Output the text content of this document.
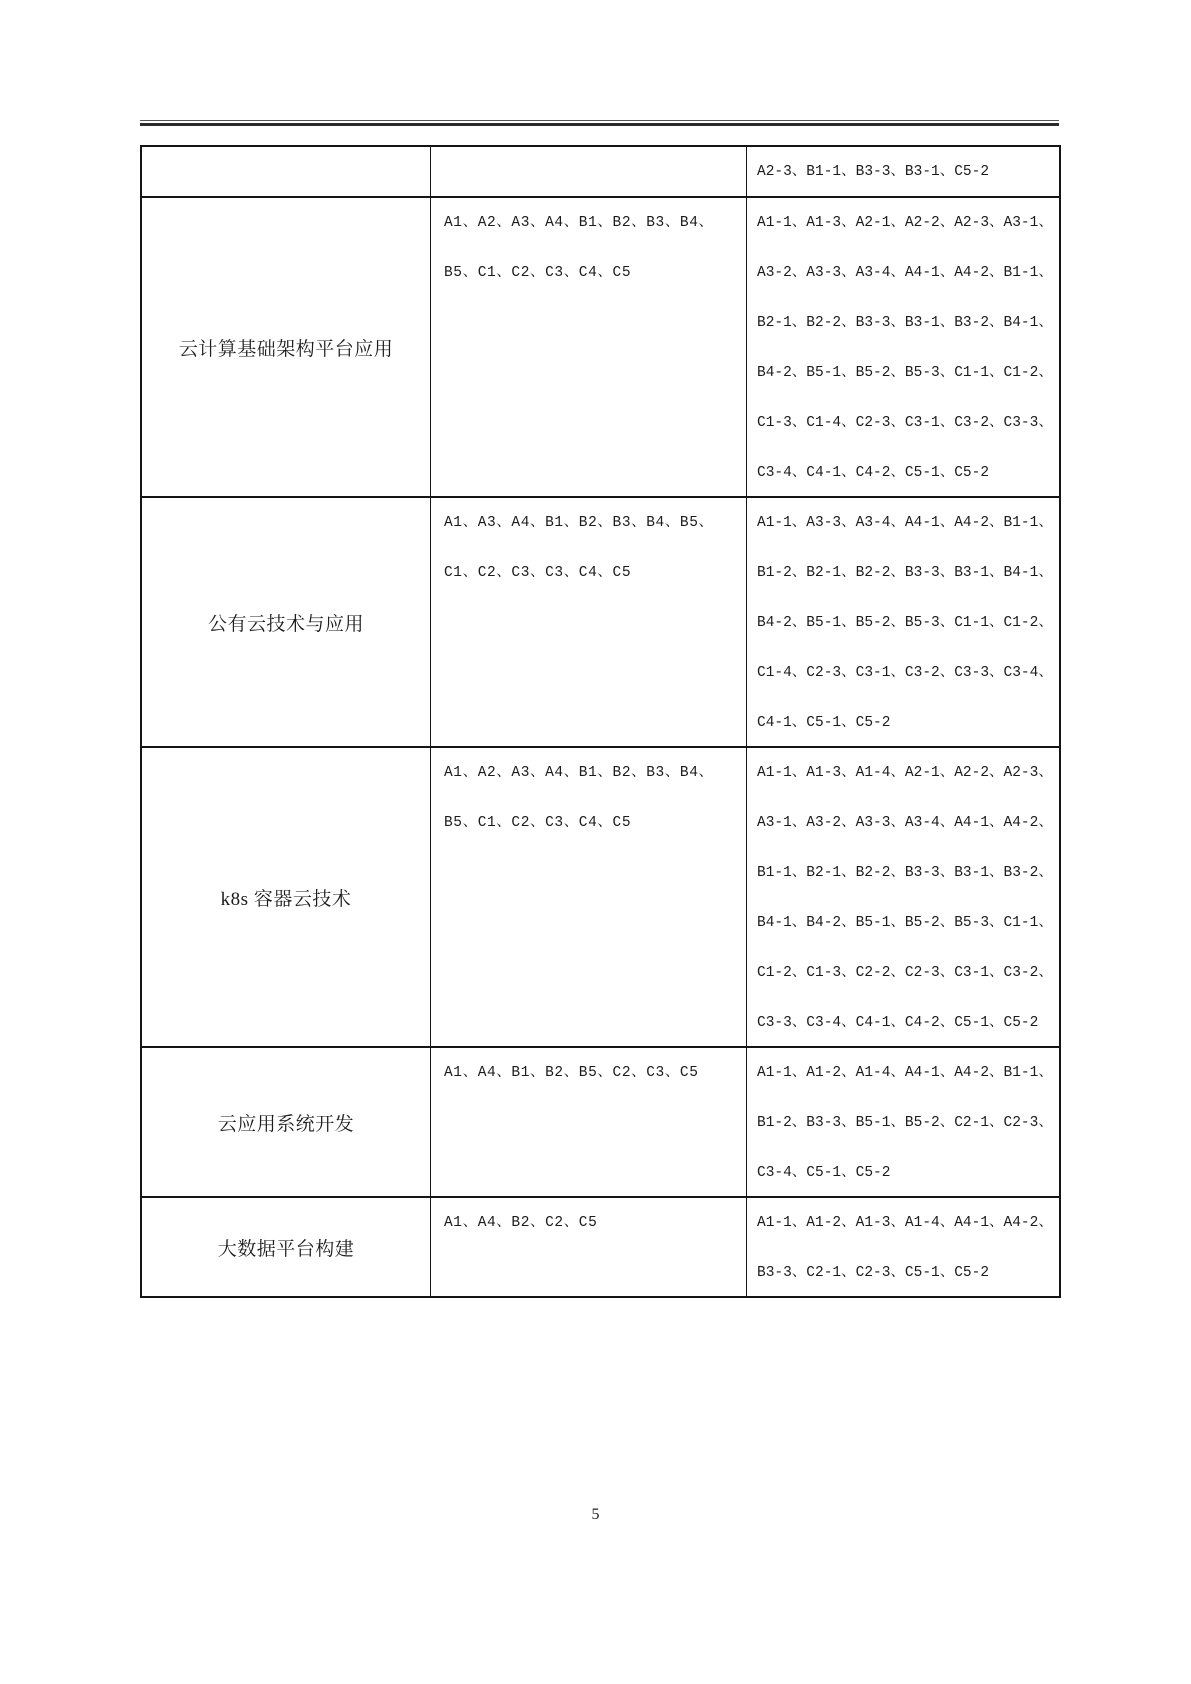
A2-3、B1-1、B3-3、B3-1、C5-2
云计算基础架构平台应用
A1、A2、A3、A4、B1、B2、B3、B4、
B5、C1、C2、C3、C4、C5
A1-1、A1-3、A2-1、A2-2、A2-3、A3-1、
A3-2、A3-3、A3-4、A4-1、A4-2、B1-1、
B2-1、B2-2、B3-3、B3-1、B3-2、B4-1、
B4-2、B5-1、B5-2、B5-3、C1-1、C1-2、
C1-3、C1-4、C2-3、C3-1、C3-2、C3-3、
C3-4、C4-1、C4-2、C5-1、C5-2
公有云技术与应用
A1、A3、A4、B1、B2、B3、B4、B5、
C1、C2、C3、C3、C4、C5
A1-1、A3-3、A3-4、A4-1、A4-2、B1-1、
B1-2、B2-1、B2-2、B3-3、B3-1、B4-1、
B4-2、B5-1、B5-2、B5-3、C1-1、C1-2、
C1-4、C2-3、C3-1、C3-2、C3-3、C3-4、
C4-1、C5-1、C5-2
k8s 容器云技术
A1、A2、A3、A4、B1、B2、B3、B4、
B5、C1、C2、C3、C4、C5
A1-1、A1-3、A1-4、A2-1、A2-2、A2-3、
A3-1、A3-2、A3-3、A3-4、A4-1、A4-2、
B1-1、B2-1、B2-2、B3-3、B3-1、B3-2、
B4-1、B4-2、B5-1、B5-2、B5-3、C1-1、
C1-2、C1-3、C2-2、C2-3、C3-1、C3-2、
C3-3、C3-4、C4-1、C4-2、C5-1、C5-2
云应用系统开发
A1、A4、B1、B2、B5、C2、C3、C5	A1-1、A1-2、A1-4、A4-1、A4-2、B1-1、
B1-2、B3-3、B5-1、B5-2、C2-1、C2-3、
C3-4、C5-1、C5-2
大数据平台构建
A1、A4、B2、C2、C5	A1-1、A1-2、A1-3、A1-4、A4-1、A4-2、
B3-3、C2-1、C2-3、C5-1、C5-2
5
